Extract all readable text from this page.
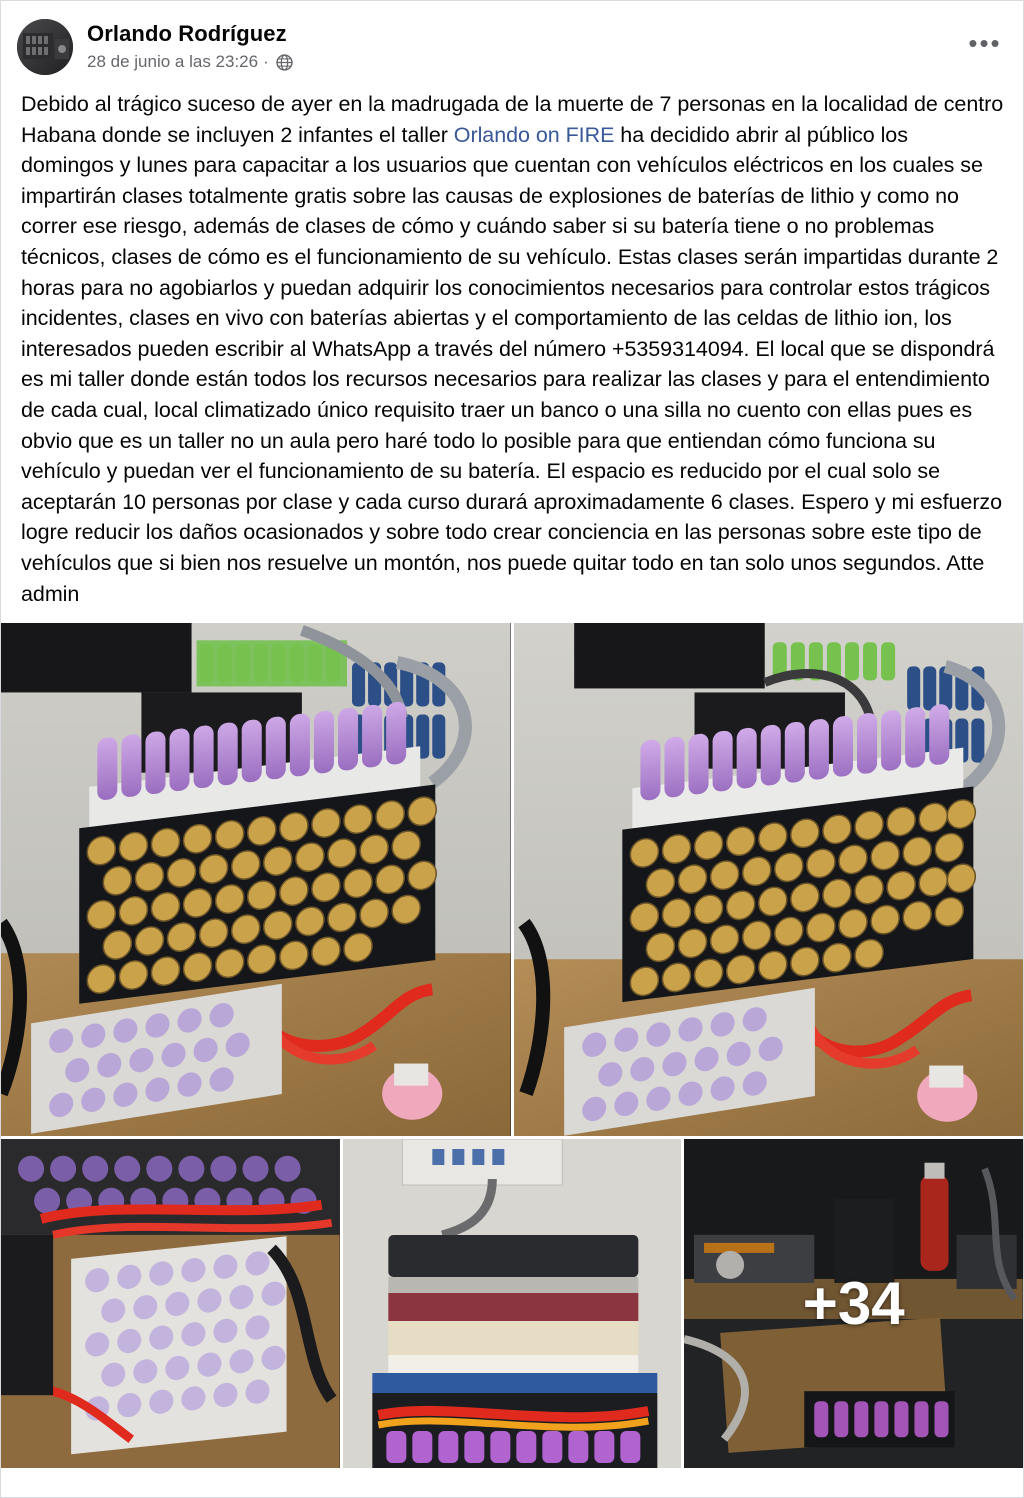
Orlando Rodríguez
28 de junio a las 23:26 ·
•••
Debido al trágico suceso de ayer en la madrugada de la muerte de 7 personas en la localidad de centro Habana donde se incluyen 2 infantes el taller Orlando on FIRE ha decidido abrir al público los domingos y lunes para capacitar a los usuarios que cuentan con vehículos eléctricos en los cuales se impartirán clases totalmente gratis sobre las causas de explosiones de baterías de lithio y como no correr ese riesgo, además de clases de cómo y cuándo saber si su batería tiene o no problemas técnicos, clases de cómo es el funcionamiento de su vehículo. Estas clases serán impartidas durante 2 horas para no agobiarlos y puedan adquirir los conocimientos necesarios para controlar estos trágicos incidentes, clases en vivo con baterías abiertas y el comportamiento de las celdas de lithio ion, los interesados pueden escribir al WhatsApp a través del número +5359314094. El local que se dispondrá es mi taller donde están todos los recursos necesarios para realizar las clases y para el entendimiento de cada cual, local climatizado único requisito traer un banco o una silla no cuento con ellas pues es obvio que es un taller no un aula pero haré todo lo posible para que entiendan cómo funciona su vehículo y puedan ver el funcionamiento de su batería. El espacio es reducido por el cual solo se aceptarán 10 personas por clase y cada curso durará aproximadamente 6 clases. Espero y mi esfuerzo logre reducir los daños ocasionados y sobre todo crear conciencia en las personas sobre este tipo de vehículos que si bien nos resuelve un montón, nos puede quitar todo en tan solo unos segundos. Atte admin
+34
